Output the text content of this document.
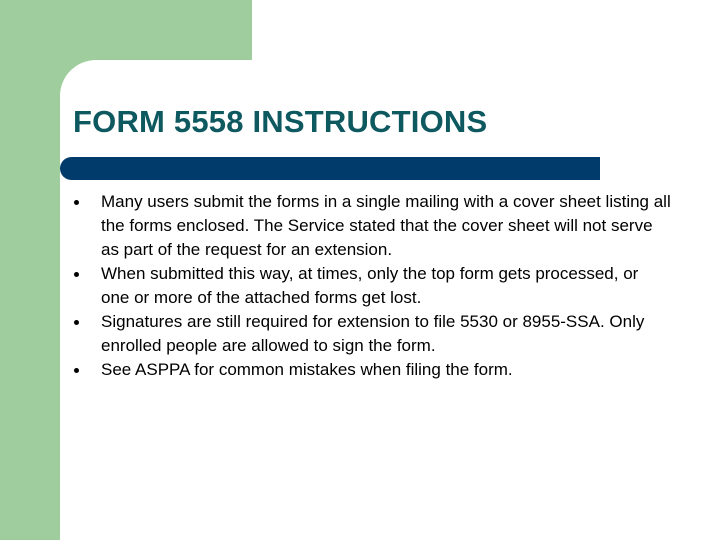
FORM 5558 INSTRUCTIONS
Many users submit the forms in a single mailing with a cover sheet listing all the forms enclosed. The Service stated that the cover sheet will not serve as part of the request for an extension.
When submitted this way, at times, only the top form gets processed, or one or more of the attached forms get lost.
Signatures are still required for extension to file 5530 or 8955-SSA. Only enrolled people are allowed to sign the form.
See ASPPA for common mistakes when filing the form.
